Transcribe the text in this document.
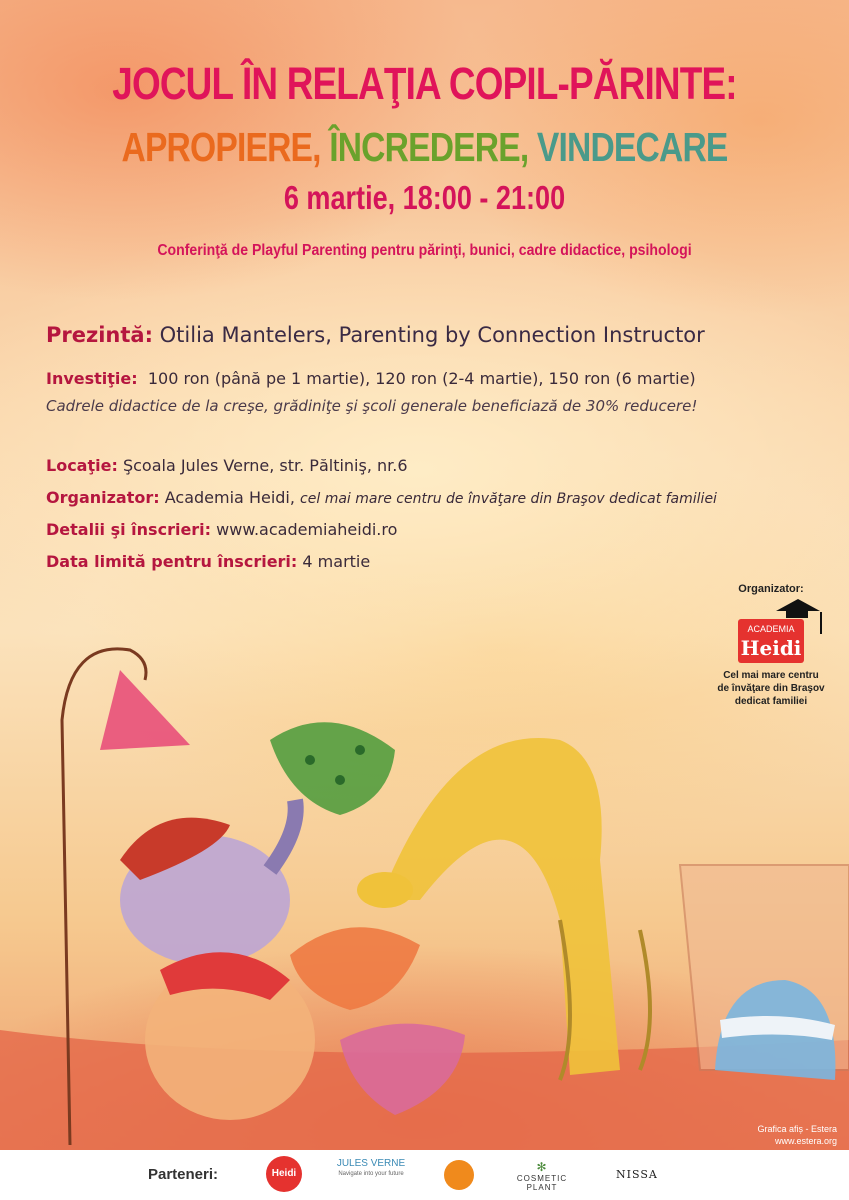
JOCUL ÎN RELAŢIA COPIL-PĂRINTE:
APROPIERE, ÎNCREDERE, VINDECARE
6 martie, 18:00 - 21:00
Conferinţă de Playful Parenting pentru părinţi, bunici, cadre didactice, psihologi
Prezintă: Otilia Mantelers, Parenting by Connection Instructor
Investiţie: 100 ron (până pe 1 martie), 120 ron (2-4 martie), 150 ron (6 martie)
Cadrele didactice de la creşe, grădiniţe şi şcoli generale beneficiază de 30% reducere!
Locaţie: Şcoala Jules Verne, str. Păltiniş, nr.6
Organizator: Academia Heidi, cel mai mare centru de învăţare din Braşov dedicat familiei
Detalii şi înscrieri: www.academiaheidi.ro
Data limită pentru înscrieri: 4 martie
Organizator:
ACADEMIA
Heidi
Cel mai mare centru
de învăţare din Braşov
dedicat familiei
Grafica afiș - Estera
www.estera.org
Parteneri:	Heidi
JULES VERNE
Navigate into your future	✻
COSMETIC PLANT
NISSA
